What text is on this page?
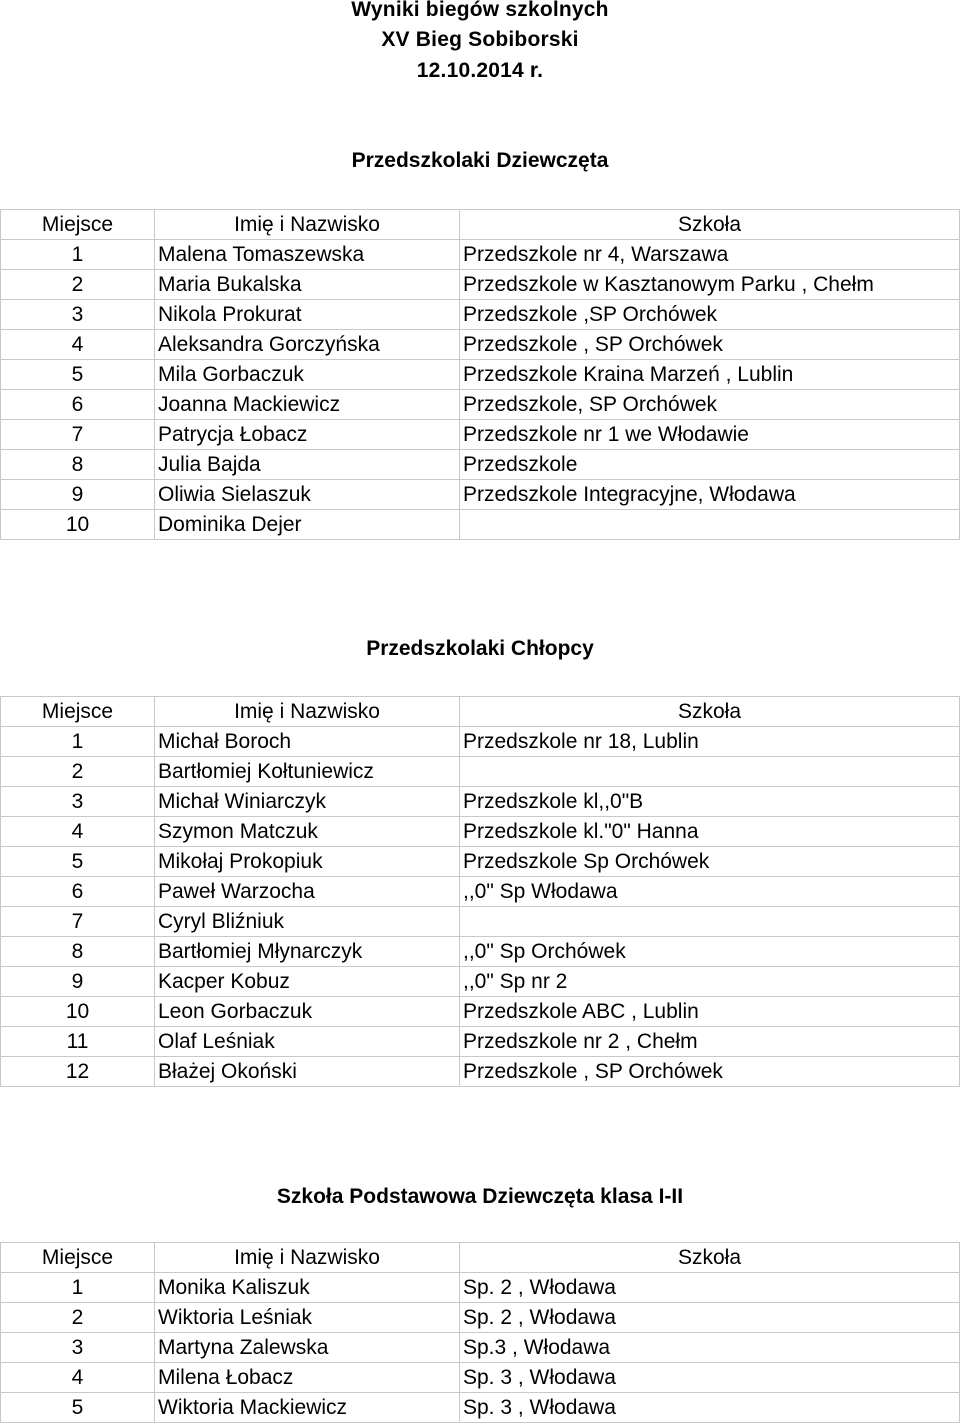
Wyniki biegów szkolnych
XV Bieg Sobiborski
12.10.2014 r.
Przedszkolaki Dziewczęta
Miejsce	Imię i Nazwisko	Szkoła
1	Malena Tomaszewska	Przedszkole nr 4, Warszawa
2	Maria Bukalska	Przedszkole w Kasztanowym Parku , Chełm
3	Nikola Prokurat	Przedszkole ,SP Orchówek
4	Aleksandra Gorczyńska	Przedszkole , SP Orchówek
5	Mila Gorbaczuk	Przedszkole Kraina Marzeń , Lublin
6	Joanna Mackiewicz	Przedszkole, SP Orchówek
7	Patrycja Łobacz	Przedszkole nr 1 we Włodawie
8	Julia Bajda	Przedszkole
9	Oliwia Sielaszuk	Przedszkole Integracyjne, Włodawa
10	Dominika Dejer	
Przedszkolaki Chłopcy
Miejsce	Imię i Nazwisko	Szkoła
1	Michał Boroch	Przedszkole nr 18, Lublin
2	Bartłomiej Kołtuniewicz	
3	Michał Winiarczyk	Przedszkole kl,,0"B
4	Szymon Matczuk	Przedszkole kl."0" Hanna
5	Mikołaj Prokopiuk	Przedszkole Sp Orchówek
6	Paweł Warzocha	,,0" Sp Włodawa
7	Cyryl Bliźniuk	
8	Bartłomiej Młynarczyk	,,0" Sp Orchówek
9	Kacper Kobuz	,,0" Sp nr 2
10	Leon Gorbaczuk	Przedszkole ABC , Lublin
11	Olaf Leśniak	Przedszkole nr 2 , Chełm
12	Błażej Okoński	Przedszkole , SP Orchówek
Szkoła Podstawowa Dziewczęta klasa I-II
Miejsce	Imię i Nazwisko	Szkoła
1	Monika Kaliszuk	Sp. 2 , Włodawa
2	Wiktoria Leśniak	Sp. 2 , Włodawa
3	Martyna Zalewska	Sp.3 , Włodawa
4	Milena Łobacz	Sp. 3 , Włodawa
5	Wiktoria Mackiewicz	Sp. 3 , Włodawa
